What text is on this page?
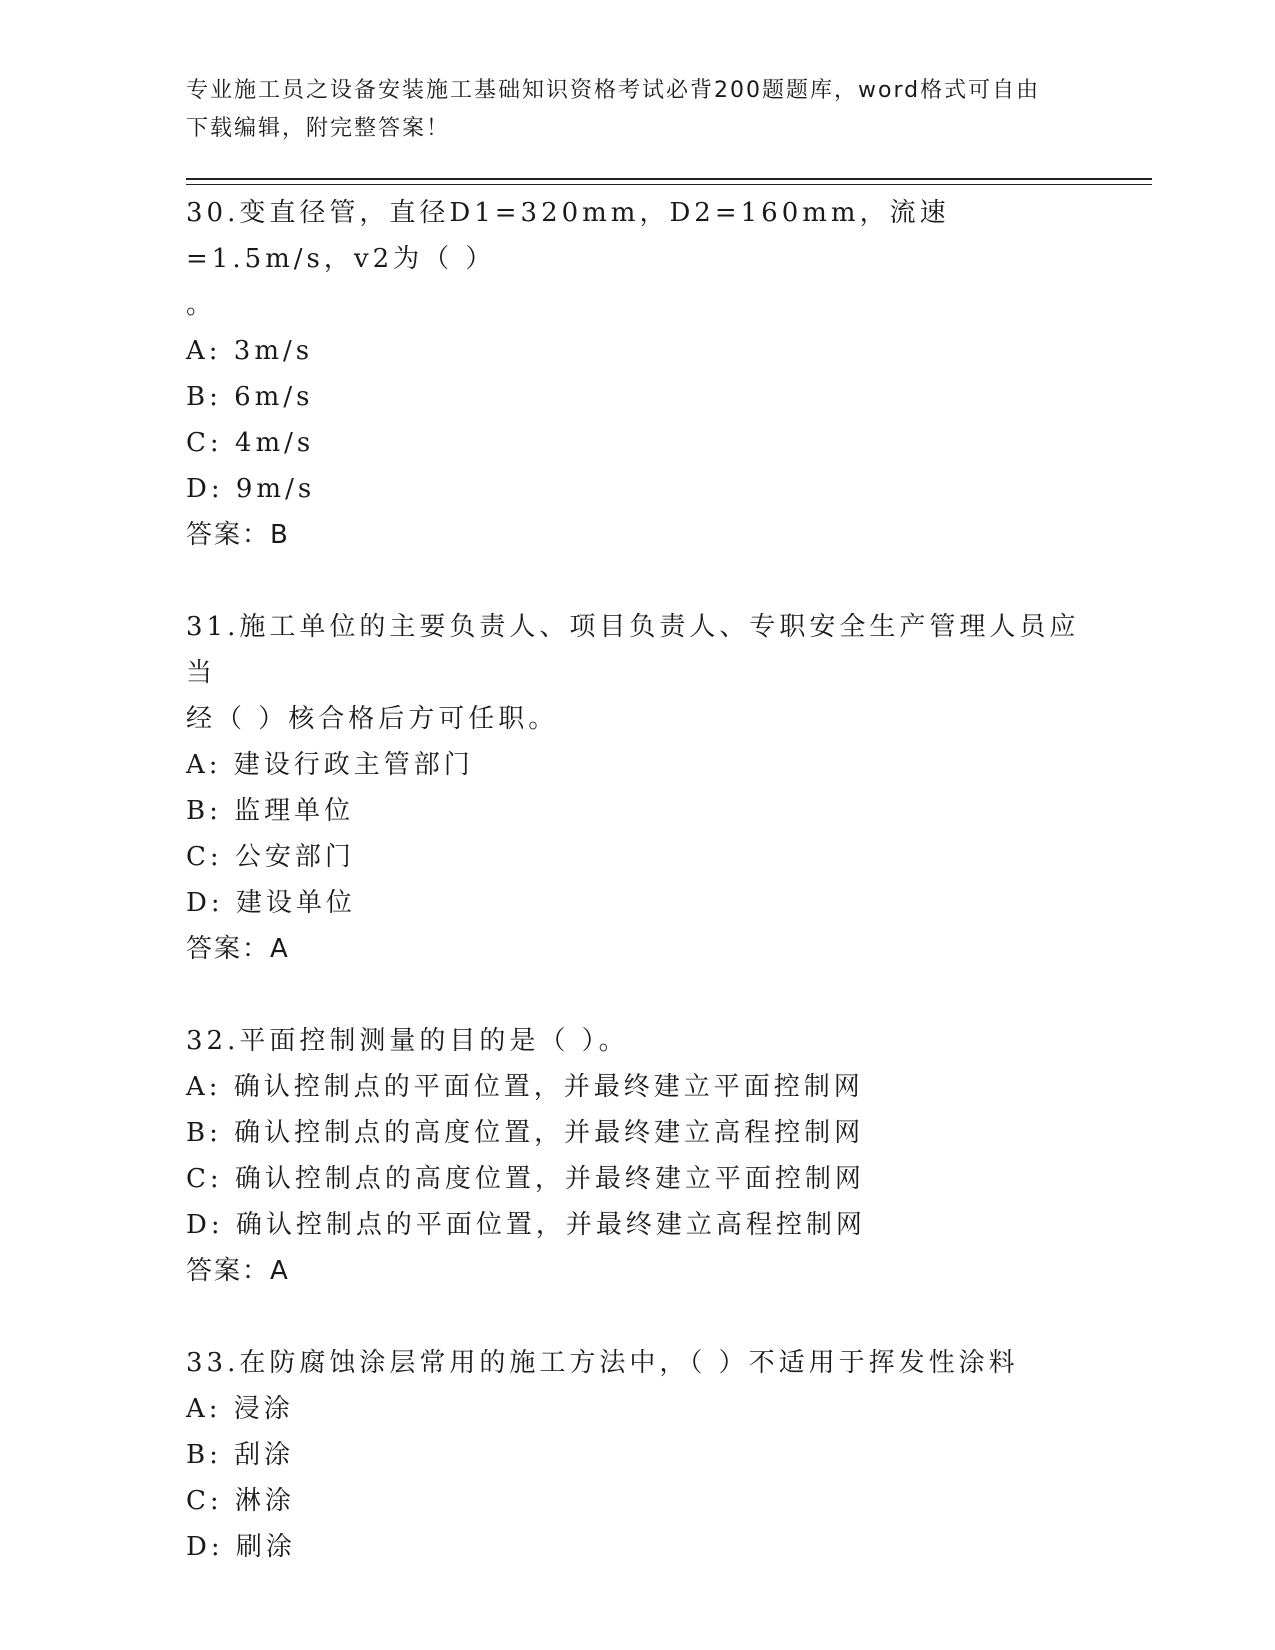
专业施工员之设备安装施工基础知识资格考试必背200题题库，word格式可自由
下载编辑，附完整答案！

30.变直径管，直径D1=320mm，D2=160mm，流速=1.5m/s，v2为（ ）

。

A: 3m/s

B: 6m/s

C: 4m/s

D: 9m/s

答案：B

31.施工单位的主要负责人、项目负责人、专职安全生产管理人员应当

经（ ）核合格后方可任职。

A: 建设行政主管部门

B: 监理单位

C: 公安部门

D: 建设单位

答案：A

32.平面控制测量的目的是（ ）。

A: 确认控制点的平面位置，并最终建立平面控制网

B: 确认控制点的高度位置，并最终建立高程控制网

C: 确认控制点的高度位置，并最终建立平面控制网

D: 确认控制点的平面位置，并最终建立高程控制网

答案：A

33.在防腐蚀涂层常用的施工方法中，（ ）不适用于挥发性涂料

A: 浸涂

B: 刮涂

C: 淋涂

D: 刷涂
